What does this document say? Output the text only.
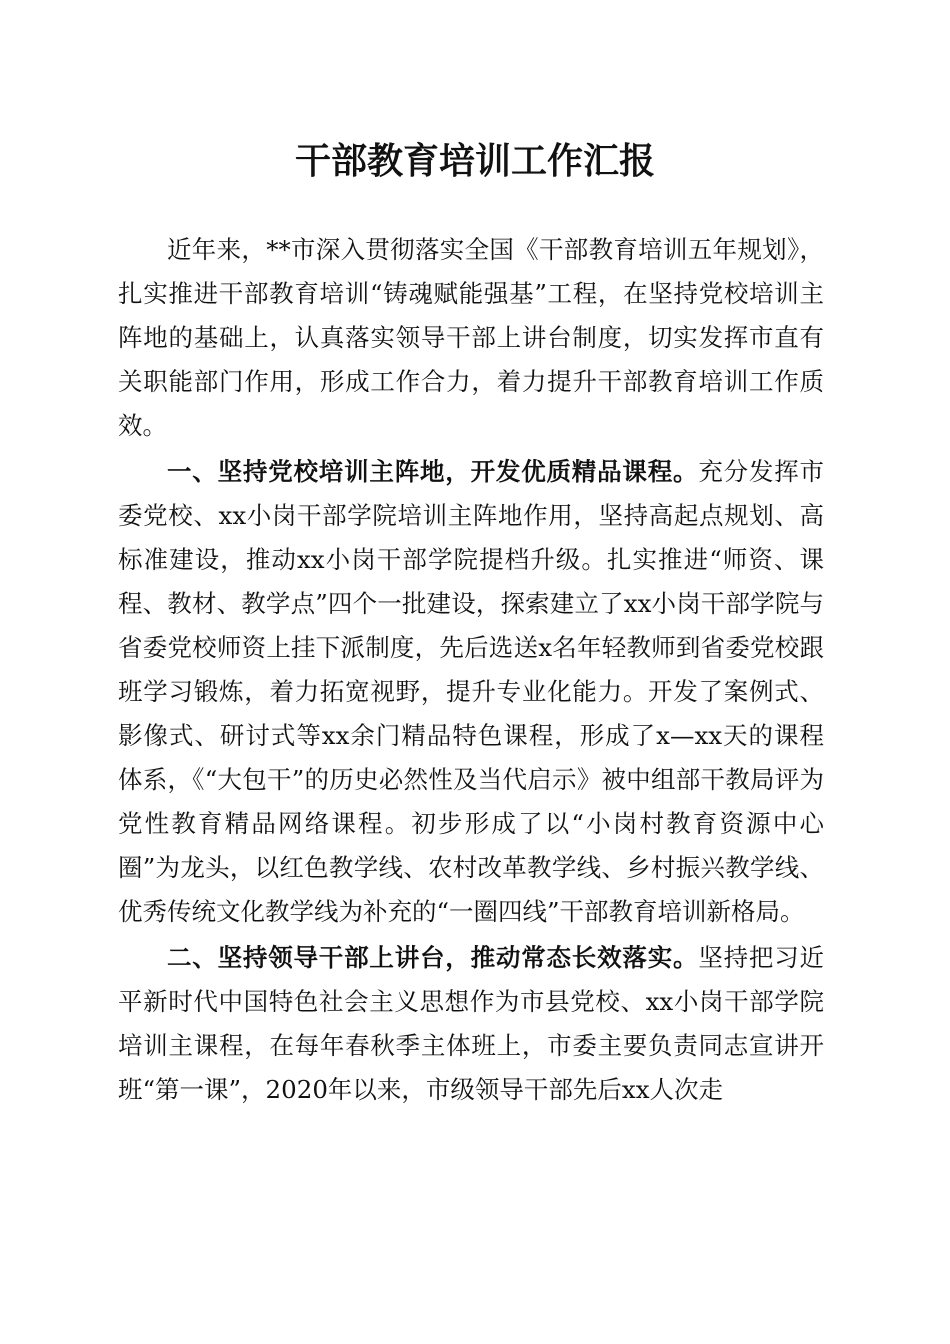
干部教育培训工作汇报

近年来，**市深入贯彻落实全国《干部教育培训五年规划》，扎实推进干部教育培训“铸魂赋能强基”工程，在坚持党校培训主阵地的基础上，认真落实领导干部上讲台制度，切实发挥市直有关职能部门作用，形成工作合力，着力提升干部教育培训工作质效。

一、坚持党校培训主阵地，开发优质精品课程。充分发挥市委党校、xx小岗干部学院培训主阵地作用，坚持高起点规划、高标准建设，推动xx小岗干部学院提档升级。扎实推进“师资、课程、教材、教学点”四个一批建设，探索建立了xx小岗干部学院与省委党校师资上挂下派制度，先后选送x名年轻教师到省委党校跟班学习锻炼，着力拓宽视野，提升专业化能力。开发了案例式、影像式、研讨式等xx余门精品特色课程，形成了x—xx天的课程体系，《“大包干”的历史必然性及当代启示》被中组部干教局评为党性教育精品网络课程。初步形成了以“小岗村教育资源中心圈”为龙头，以红色教学线、农村改革教学线、乡村振兴教学线、优秀传统文化教学线为补充的“一圈四线”干部教育培训新格局。

二、坚持领导干部上讲台，推动常态长效落实。坚持把习近平新时代中国特色社会主义思想作为市县党校、xx小岗干部学院培训主课程，在每年春秋季主体班上，市委主要负责同志宣讲开班“第一课”，2020年以来，市级领导干部先后xx人次走
